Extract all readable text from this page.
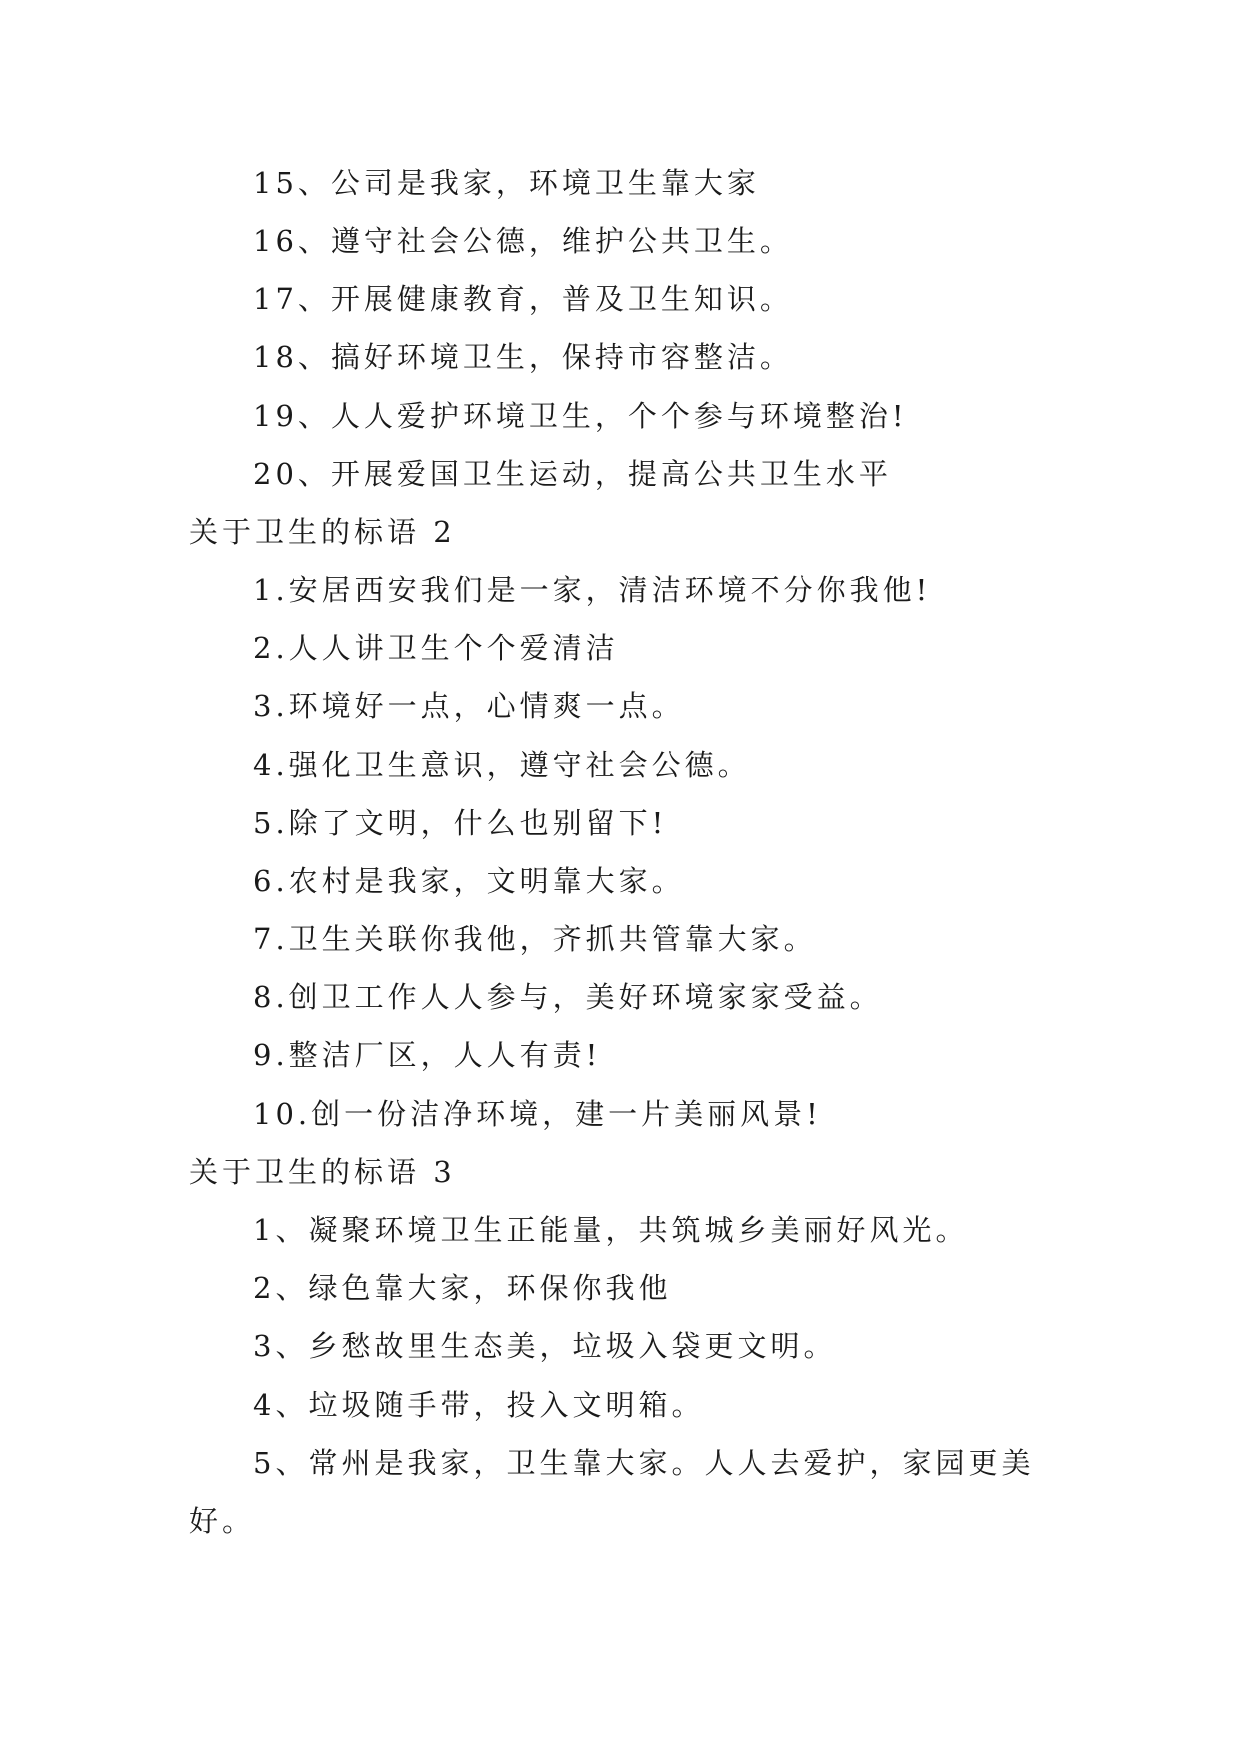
15、公司是我家，环境卫生靠大家
16、遵守社会公德，维护公共卫生。
17、开展健康教育，普及卫生知识。
18、搞好环境卫生，保持市容整洁。
19、人人爱护环境卫生，个个参与环境整治!
20、开展爱国卫生运动，提高公共卫生水平
关于卫生的标语 2
1.安居西安我们是一家，清洁环境不分你我他!
2.人人讲卫生个个爱清洁
3.环境好一点，心情爽一点。
4.强化卫生意识，遵守社会公德。
5.除了文明，什么也别留下!
6.农村是我家，文明靠大家。
7.卫生关联你我他，齐抓共管靠大家。
8.创卫工作人人参与，美好环境家家受益。
9.整洁厂区，人人有责!
10.创一份洁净环境，建一片美丽风景!
关于卫生的标语 3
1、凝聚环境卫生正能量，共筑城乡美丽好风光。
2、绿色靠大家，环保你我他
3、乡愁故里生态美，垃圾入袋更文明。
4、垃圾随手带，投入文明箱。
5、常州是我家，卫生靠大家。人人去爱护，家园更美
好。
